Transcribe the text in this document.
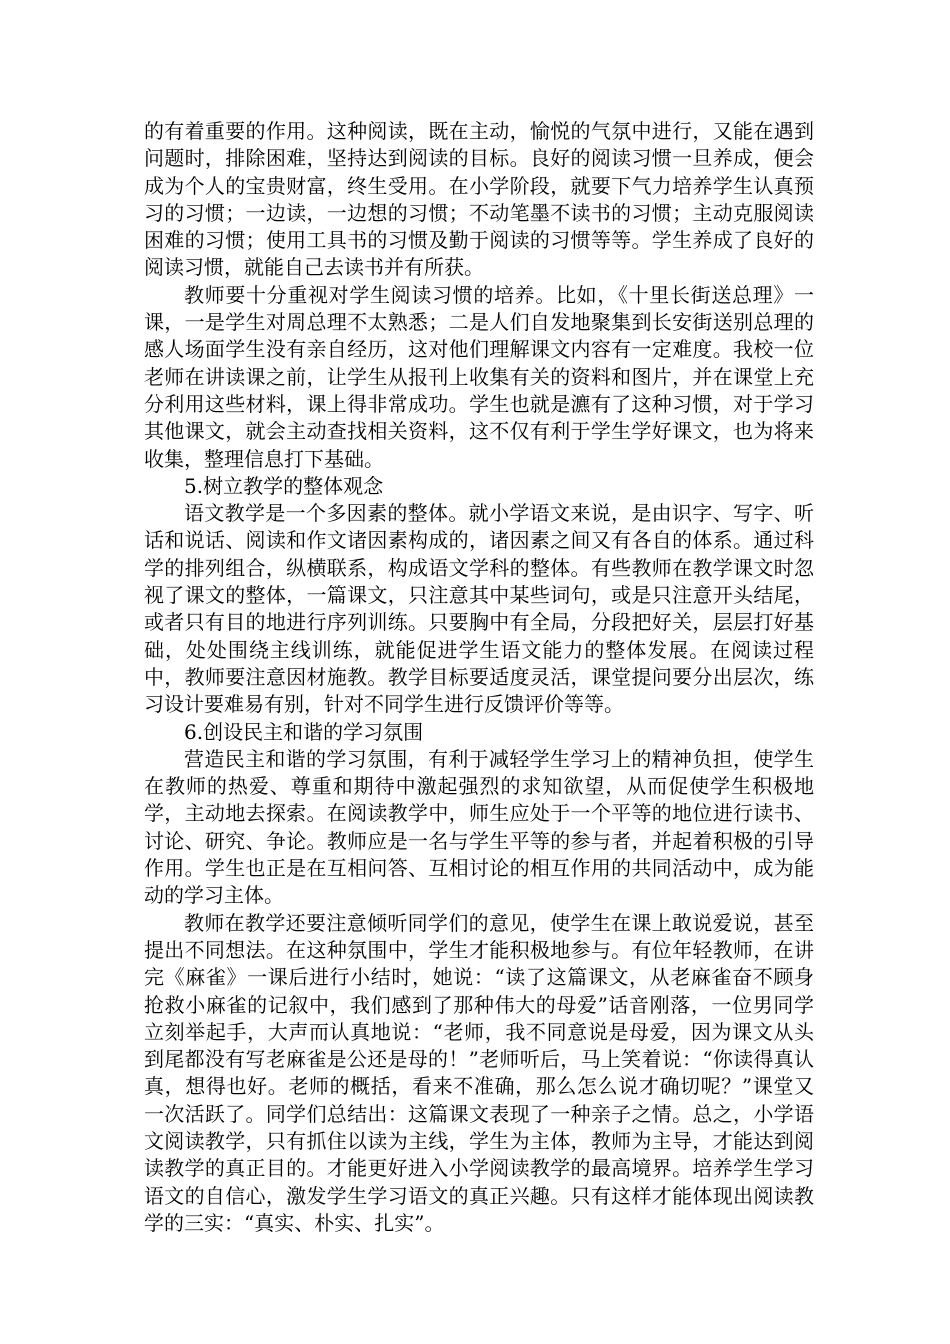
的有着重要的作用。这种阅读，既在主动，愉悦的气氛中进行，又能在遇到问题时，排除困难，坚持达到阅读的目标。良好的阅读习惯一旦养成，便会成为个人的宝贵财富，终生受用。在小学阶段，就要下气力培养学生认真预习的习惯；一边读，一边想的习惯；不动笔墨不读书的习惯；主动克服阅读困难的习惯；使用工具书的习惯及勤于阅读的习惯等等。学生养成了良好的阅读习惯，就能自己去读书并有所获。

教师要十分重视对学生阅读习惯的培养。比如，《十里长街送总理》一课，一是学生对周总理不太熟悉；二是人们自发地聚集到长安街送别总理的感人场面学生没有亲自经历，这对他们理解课文内容有一定难度。我校一位老师在讲读课之前，让学生从报刊上收集有关的资料和图片，并在课堂上充分利用这些材料，课上得非常成功。学生也就是瀌有了这种习惯，对于学习其他课文，就会主动查找相关资料，这不仅有利于学生学好课文，也为将来收集，整理信息打下基础。

5.树立教学的整体观念

语文教学是一个多因素的整体。就小学语文来说，是由识字、写字、听话和说话、阅读和作文诸因素构成的，诸因素之间又有各自的体系。通过科学的排列组合，纵横联系，构成语文学科的整体。有些教师在教学课文时忽视了课文的整体，一篇课文，只注意其中某些词句，或是只注意开头结尾，或者只有目的地进行序列训练。只要胸中有全局，分段把好关，层层打好基础，处处围绕主线训练，就能促进学生语文能力的整体发展。在阅读过程中，教师要注意因材施教。教学目标要适度灵活，课堂提问要分出层次，练习设计要难易有别，针对不同学生进行反馈评价等等。

6.创设民主和谐的学习氛围

营造民主和谐的学习氛围，有利于减轻学生学习上的精神负担，使学生在教师的热爱、尊重和期待中激起强烈的求知欲望，从而促使学生积极地学，主动地去探索。在阅读教学中，师生应处于一个平等的地位进行读书、讨论、研究、争论。教师应是一名与学生平等的参与者，并起着积极的引导作用。学生也正是在互相问答、互相讨论的相互作用的共同活动中，成为能动的学习主体。

教师在教学还要注意倾听同学们的意见，使学生在课上敢说爱说，甚至提出不同想法。在这种氛围中，学生才能积极地参与。有位年轻教师，在讲完《麻雀》一课后进行小结时，她说：“读了这篇课文，从老麻雀奋不顾身抢救小麻雀的记叙中，我们感到了那种伟大的母爱”话音刚落，一位男同学立刻举起手，大声而认真地说：“老师，我不同意说是母爱，因为课文从头到尾都没有写老麻雀是公还是母的！”老师听后，马上笑着说：“你读得真认真，想得也好。老师的概括，看来不准确，那么怎么说才确切呢？”课堂又一次活跃了。同学们总结出：这篇课文表现了一种亲子之情。总之，小学语文阅读教学，只有抓住以读为主线，学生为主体，教师为主导，才能达到阅读教学的真正目的。才能更好进入小学阅读教学的最高境界。培养学生学习语文的自信心，激发学生学习语文的真正兴趣。只有这样才能体现出阅读教学的三实：“真实、朴实、扎实”。
